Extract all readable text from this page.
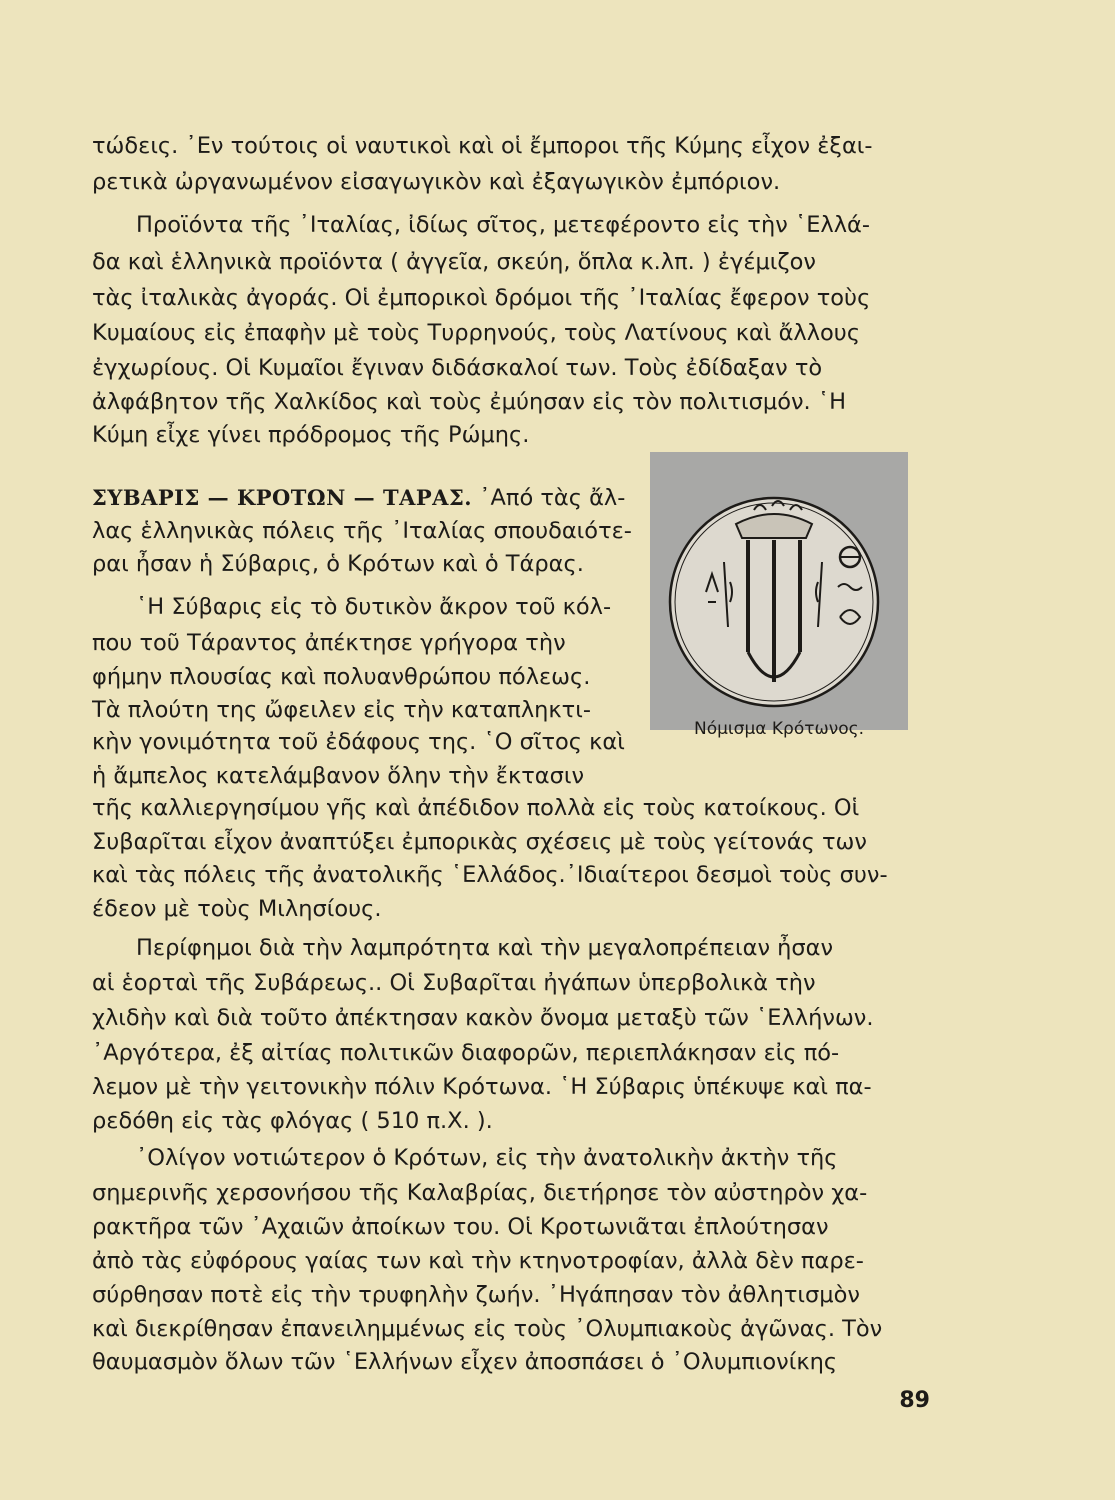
τώδεις. ᾿Εν τούτοις οἱ ναυτικοὶ καὶ οἱ ἔμποροι τῆς Κύμης εἶχον ἐξαι-
ρετικὰ ὠργανωμένον εἰσαγωγικὸν καὶ ἐξαγωγικὸν ἐμπόριον.
Προϊόντα τῆς ᾿Ιταλίας, ἰδίως σῖτος, μετεφέροντο εἰς τὴν ῾Ελλά-
δα καὶ ἑλληνικὰ προϊόντα ( ἀγγεῖα, σκεύη, ὅπλα κ.λπ. ) ἐγέμιζον
τὰς ἰταλικὰς ἀγοράς. Οἱ ἐμπορικοὶ δρόμοι τῆς ᾿Ιταλίας ἔφερον τοὺς
Κυμαίους εἰς ἐπαφὴν μὲ τοὺς Τυρρηνούς, τοὺς Λατίνους καὶ ἄλλους
ἐγχωρίους. Οἱ Κυμαῖοι ἔγιναν διδάσκαλοί των. Τοὺς ἐδίδαξαν τὸ
ἀλφάβητον τῆς Χαλκίδος καὶ τοὺς ἐμύησαν εἰς τὸν πολιτισμόν. ῾Η
Κύμη εἶχε γίνει πρόδρομος τῆς Ρώμης.
ΣΥΒΑΡΙΣ — ΚΡΟΤΩΝ — ΤΑΡΑΣ. ᾿Από τὰς ἄλ-
λας ἑλληνικὰς πόλεις τῆς ᾿Ιταλίας σπουδαιότε-
ραι ἦσαν ἡ Σύβαρις, ὁ Κρότων καὶ ὁ Τάρας.
῾Η Σύβαρις εἰς τὸ δυτικὸν ἄκρον τοῦ κόλ-
που τοῦ Τάραντος ἀπέκτησε γρήγορα τὴν
φήμην πλουσίας καὶ πολυανθρώπου πόλεως.
Τὰ πλούτη της ὤφειλεν εἰς τὴν καταπληκτι-
κὴν γονιμότητα τοῦ ἐδάφους της. ῾Ο σῖτος καὶ
ἡ ἄμπελος κατελάμβανον ὅλην τὴν ἔκτασιν
Νόμισμα Κρότωνος.
τῆς καλλιεργησίμου γῆς καὶ ἀπέδιδον πολλὰ εἰς τοὺς κατοίκους. Οἱ
Συβαρῖται εἶχον ἀναπτύξει ἐμπορικὰς σχέσεις μὲ τοὺς γείτονάς των
καὶ τὰς πόλεις τῆς ἀνατολικῆς ῾Ελλάδος.᾿Ιδιαίτεροι δεσμοὶ τοὺς συν-
έδεον μὲ τοὺς Μιλησίους.
Περίφημοι διὰ τὴν λαμπρότητα καὶ τὴν μεγαλοπρέπειαν ἦσαν
αἱ ἑορταὶ τῆς Συβάρεως.. Οἱ Συβαρῖται ἠγάπων ὑπερβολικὰ τὴν
χλιδὴν καὶ διὰ τοῦτο ἀπέκτησαν κακὸν ὄνομα μεταξὺ τῶν ῾Ελλήνων.
᾿Αργότερα, ἐξ αἰτίας πολιτικῶν διαφορῶν, περιεπλάκησαν εἰς πό-
λεμον μὲ τὴν γειτονικὴν πόλιν Κρότωνα. ῾Η Σύβαρις ὑπέκυψε καὶ πα-
ρεδόθη εἰς τὰς φλόγας ( 510 π.Χ. ).
᾿Ολίγον νοτιώτερον ὁ Κρότων, εἰς τὴν ἀνατολικὴν ἀκτὴν τῆς
σημερινῆς χερσονήσου τῆς Καλαβρίας, διετήρησε τὸν αὐστηρὸν χα-
ρακτῆρα τῶν ᾿Αχαιῶν ἀποίκων του. Οἱ Κροτωνιᾶται ἐπλούτησαν
ἀπὸ τὰς εὐφόρους γαίας των καὶ τὴν κτηνοτροφίαν, ἀλλὰ δὲν παρε-
σύρθησαν ποτὲ εἰς τὴν τρυφηλὴν ζωήν. ᾿Ηγάπησαν τὸν ἀθλητισμὸν
καὶ διεκρίθησαν ἐπανειλημμένως εἰς τοὺς ᾿Ολυμπιακοὺς ἀγῶνας. Τὸν
θαυμασμὸν ὅλων τῶν ῾Ελλήνων εἶχεν ἀποσπάσει ὁ ᾿Ολυμπιονίκης
89
